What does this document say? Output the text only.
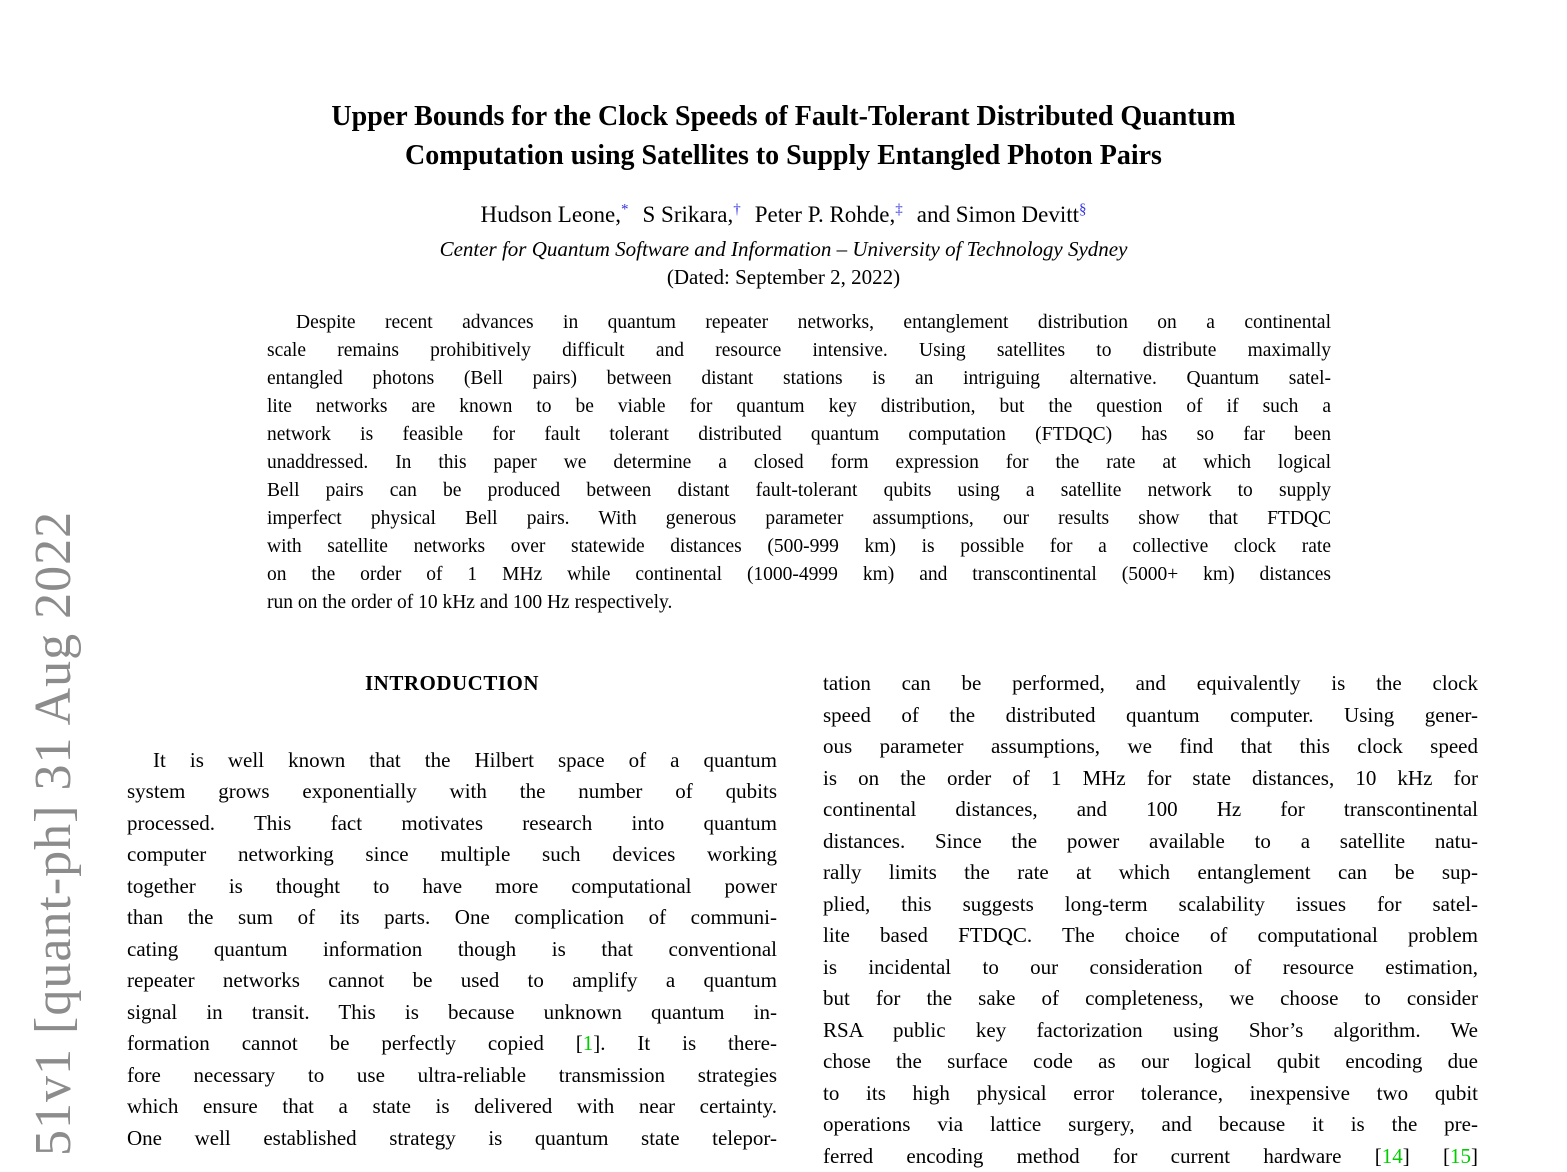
51v1 [quant-ph] 31 Aug 2022
Upper Bounds for the Clock Speeds of Fault-Tolerant Distributed Quantum
Computation using Satellites to Supply Entangled Photon Pairs
Hudson Leone,* S Srikara,† Peter P. Rohde,‡ and Simon Devitt§
Center for Quantum Software and Information – University of Technology Sydney
(Dated: September 2, 2022)
Despite recent advances in quantum repeater networks, entanglement distribution on a continental
scale remains prohibitively difficult and resource intensive. Using satellites to distribute maximally
entangled photons (Bell pairs) between distant stations is an intriguing alternative. Quantum satel-
lite networks are known to be viable for quantum key distribution, but the question of if such a
network is feasible for fault tolerant distributed quantum computation (FTDQC) has so far been
unaddressed. In this paper we determine a closed form expression for the rate at which logical
Bell pairs can be produced between distant fault-tolerant qubits using a satellite network to supply
imperfect physical Bell pairs. With generous parameter assumptions, our results show that FTDQC
with satellite networks over statewide distances (500-999 km) is possible for a collective clock rate
on the order of 1 MHz while continental (1000-4999 km) and transcontinental (5000+ km) distances
run on the order of 10 kHz and 100 Hz respectively.
INTRODUCTION
It is well known that the Hilbert space of a quantum
system grows exponentially with the number of qubits
processed. This fact motivates research into quantum
computer networking since multiple such devices working
together is thought to have more computational power
than the sum of its parts. One complication of communi-
cating quantum information though is that conventional
repeater networks cannot be used to amplify a quantum
signal in transit. This is because unknown quantum in-
formation cannot be perfectly copied [1]. It is there-
fore necessary to use ultra-reliable transmission strategies
which ensure that a state is delivered with near certainty.
One well established strategy is quantum state telepor-
tation can be performed, and equivalently is the clock
speed of the distributed quantum computer. Using gener-
ous parameter assumptions, we find that this clock speed
is on the order of 1 MHz for state distances, 10 kHz for
continental distances, and 100 Hz for transcontinental
distances. Since the power available to a satellite natu-
rally limits the rate at which entanglement can be sup-
plied, this suggests long-term scalability issues for satel-
lite based FTDQC. The choice of computational problem
is incidental to our consideration of resource estimation,
but for the sake of completeness, we choose to consider
RSA public key factorization using Shor’s algorithm. We
chose the surface code as our logical qubit encoding due
to its high physical error tolerance, inexpensive two qubit
operations via lattice surgery, and because it is the pre-
ferred encoding method for current hardware [14] [15]
